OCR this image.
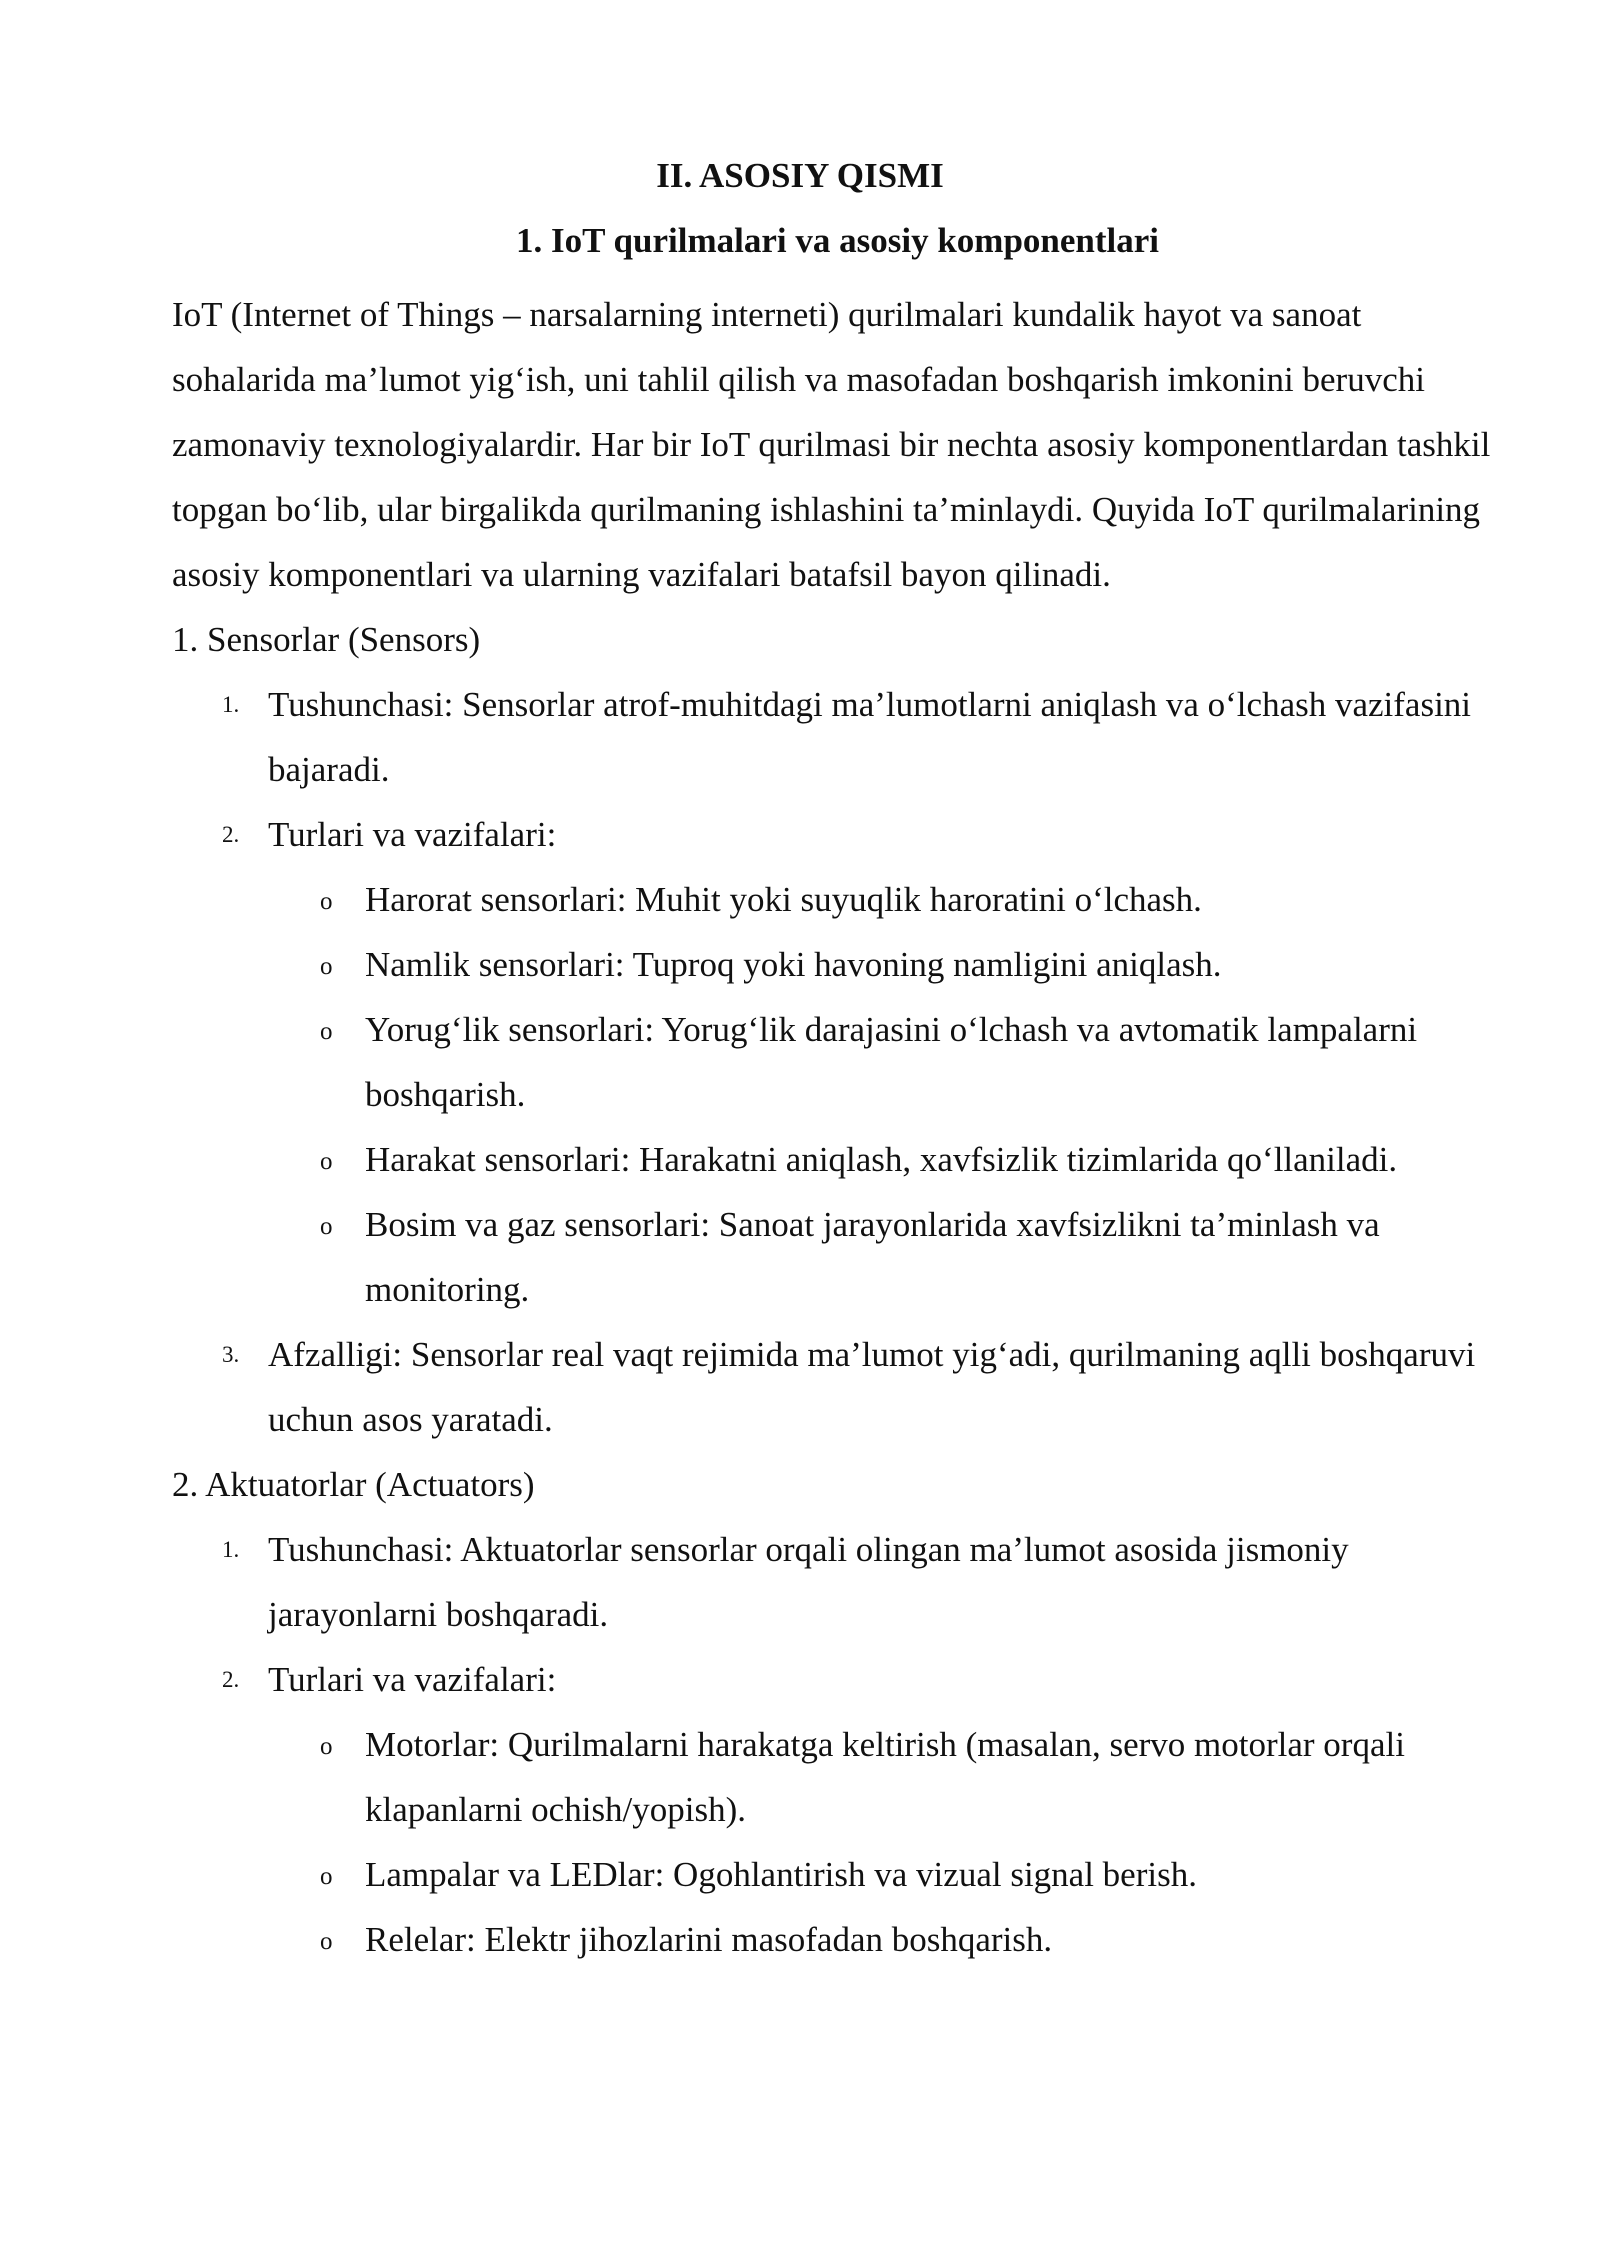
II. ASOSIY QISMI
1. IoT qurilmalari va asosiy komponentlari

IoT (Internet of Things – narsalarning interneti) qurilmalari kundalik hayot va sanoat sohalarida ma’lumot yig‘ish, uni tahlil qilish va masofadan boshqarish imkonini beruvchi zamonaviy texnologiyalardir. Har bir IoT qurilmasi bir nechta asosiy komponentlardan tashkil topgan bo‘lib, ular birgalikda qurilmaning ishlashini ta’minlaydi. Quyida IoT qurilmalarining asosiy komponentlari va ularning vazifalari batafsil bayon qilinadi.

1. Sensorlar (Sensors)

1. Tushunchasi: Sensorlar atrof-muhitdagi ma’lumotlarni aniqlash va o‘lchash vazifasini bajaradi.
2. Turlari va vazifalari:
o Harorat sensorlari: Muhit yoki suyuqlik haroratini o‘lchash.
o Namlik sensorlari: Tuproq yoki havoning namligini aniqlash.
o Yorug‘lik sensorlari: Yorug‘lik darajasini o‘lchash va avtomatik lampalarni boshqarish.
o Harakat sensorlari: Harakatni aniqlash, xavfsizlik tizimlarida qo‘llaniladi.
o Bosim va gaz sensorlari: Sanoat jarayonlarida xavfsizlikni ta’minlash va monitoring.
3. Afzalligi: Sensorlar real vaqt rejimida ma’lumot yig‘adi, qurilmaning aqlli boshqaruvi uchun asos yaratadi.

2. Aktuatorlar (Actuators)

1. Tushunchasi: Aktuatorlar sensorlar orqali olingan ma’lumot asosida jismoniy jarayonlarni boshqaradi.
2. Turlari va vazifalari:
o Motorlar: Qurilmalarni harakatga keltirish (masalan, servo motorlar orqali klapanlarni ochish/yopish).
o Lampalar va LEDlar: Ogohlantirish va vizual signal berish.
o Relelar: Elektr jihozlarini masofadan boshqarish.
